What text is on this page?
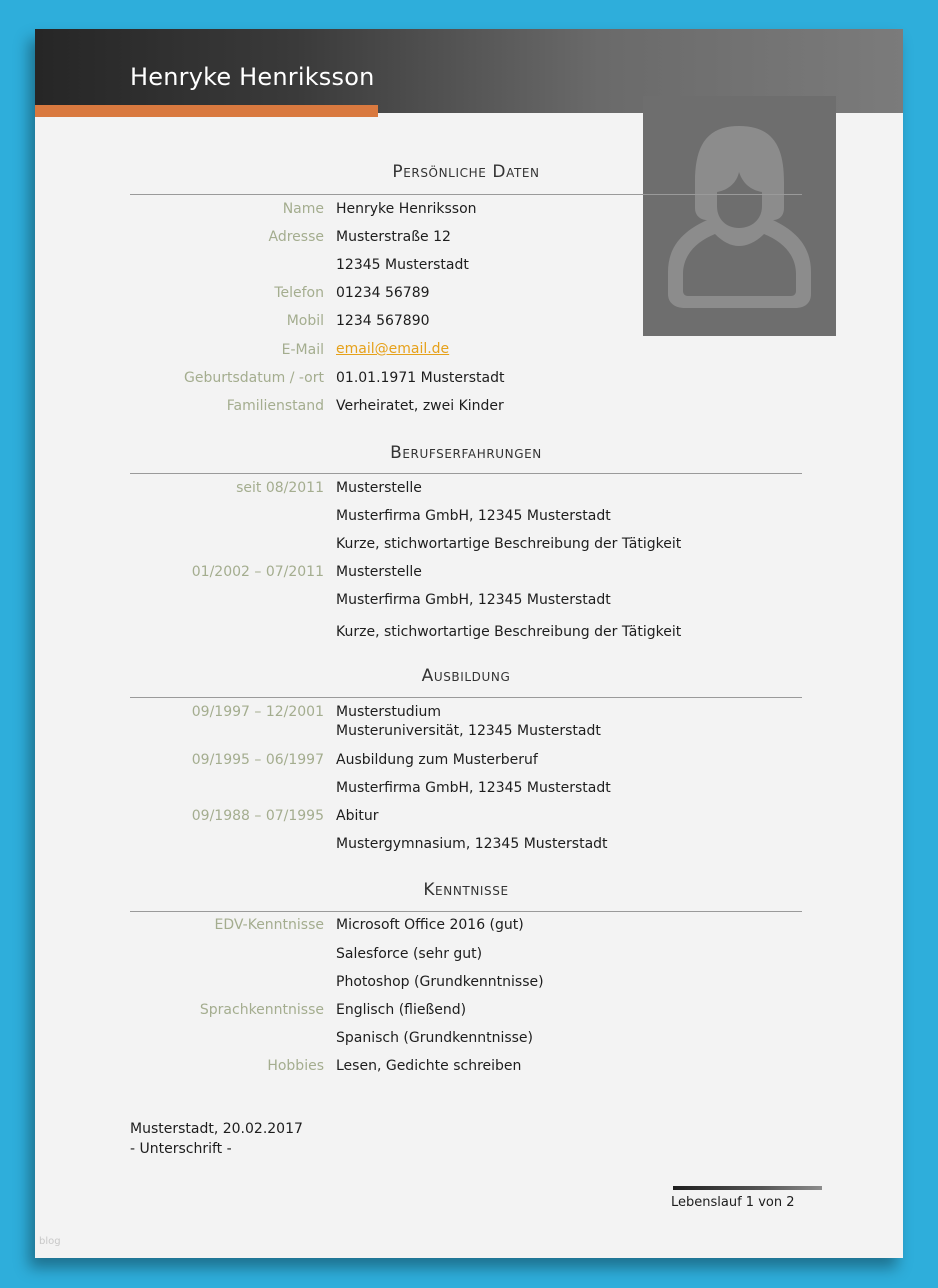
Henryke Henriksson
Persönliche Daten
Name Henryke Henriksson
Adresse Musterstraße 12
12345 Musterstadt
Telefon 01234 56789
Mobil 1234 567890
E-Mail email@email.de
Geburtsdatum / -ort 01.01.1971 Musterstadt
Familienstand Verheiratet, zwei Kinder
Berufserfahrungen
seit 08/2011 Musterstelle
Musterfirma GmbH, 12345 Musterstadt
Kurze, stichwortartige Beschreibung der Tätigkeit
01/2002 – 07/2011 Musterstelle
Musterfirma GmbH, 12345 Musterstadt
Kurze, stichwortartige Beschreibung der Tätigkeit
Ausbildung
09/1997 – 12/2001 Musterstudium
Musteruniversität, 12345 Musterstadt
09/1995 – 06/1997 Ausbildung zum Musterberuf
Musterfirma GmbH, 12345 Musterstadt
09/1988 – 07/1995 Abitur
Mustergymnasium, 12345 Musterstadt
Kenntnisse
EDV-Kenntnisse Microsoft Office 2016 (gut)
Salesforce (sehr gut)
Photoshop (Grundkenntnisse)
Sprachkenntnisse Englisch (fließend)
Spanisch (Grundkenntnisse)
Hobbies Lesen, Gedichte schreiben
Musterstadt, 20.02.2017
- Unterschrift -
Lebenslauf 1 von 2
blog
